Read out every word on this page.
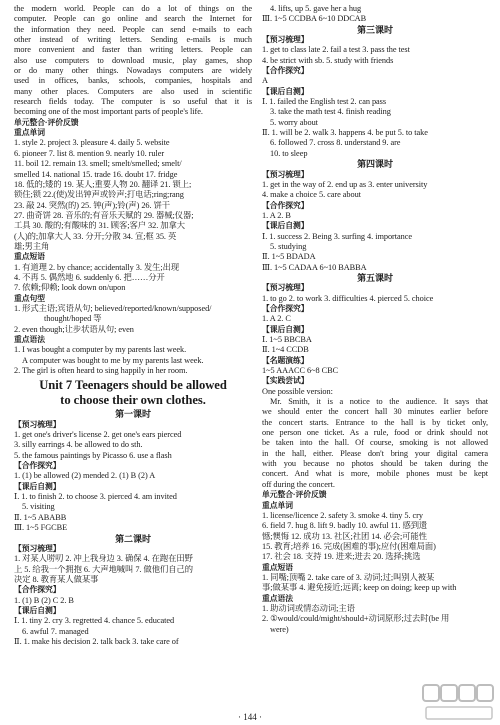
the modern world. People can do a lot of things on the
computer. People can go online and search the Internet for
the information they need. People can send e-mails to each
other instead of writing letters. Sending e-mails is much
more convenient and faster than writing letters. People can
also use computers to download music, play games, shop
or do many other things. Nowadays computers are widely
used in offices, banks, schools, companies, hospitals and
many other places. Computers are also used in scientific
research fields today. The computer is so useful that it is
becoming one of the most important parts of people's life.
单元整合·评价反馈
重点单词
1. style 2. project 3. pleasure 4. daily 5. website
6. pioneer 7. list 8. mention 9. nearly 10. ruler
11. boil 12. remain 13. smell; smelt/smelled; smelt/
smelled 14. national 15. trade 16. doubt 17. fridge
18. 低的;矮的 19. 某人;重要人物 20. 翻译 21. 锁上;
锁住;锁 22.(使)发出钟声或铃声;打电话;ring;rang
23. 敲 24. 突然(的) 25. 钟(声);铃(声) 26. 饼干
27. 曲奇饼 28. 音乐的;有音乐天赋的 29. 器械;仪器;
工具 30. 酸的;有酸味的 31. 顾客;客户 32. 加拿大
(人)的;加拿大人 33. 分开;分散 34. 宣;框 35. 英
雄;男主角
重点短语
1. 有道理 2. by chance; accidentally 3. 发生;出现
4. 不再 5. 偶然地 6. suddenly 6. 把……分开
7. 依赖;仰赖; look down on/upon
重点句型
1. 形式主语;宾语从句; believed/reported/known/supposed/
thought/hoped 等
2. even though;让步状语从句; even
重点语法
1. I was bought a computer by my parents last week.
A computer was bought to me by my parents last week.
2. The girl is often heard to sing happily in her room.
Unit 7 Teenagers should be allowed
to choose their own clothes.
第一课时
【预习梳理】
1. get one's driver's license 2. get one's ears pierced
3. silly earrings 4. be allowed to do sth.
5. the famous paintings by Picasso 6. use a flash
【合作探究】
1. (1) be allowed (2) mended 2. (1) B (2) A
【课后自测】
Ⅰ. 1. to finish 2. to choose 3. pierced 4. am invited
5. visiting
Ⅱ. 1~5 ABABB
Ⅲ. 1~5 FGCBE
第二课时
【预习梳理】
1. 对某人唠叨 2. 冲上我身边 3. 确保 4. 在跑在田野
上 5. 给我一个拥抱 6. 大声地喊叫 7. 做他们自己的
决定 8. 教育某人做某事
【合作探究】
1. (1) B (2) C 2. B
【课后自测】
Ⅰ. 1. tiny 2. cry 3. regretted 4. chance 5. educated
6. awful 7. managed
Ⅱ. 1. make his decision 2. talk back 3. take care of
4. lifts, up 5. gave her a hug
Ⅲ. 1~5 CCDBA 6~10 DDCAB
第三课时
【预习梳理】
1. get to class late 2. fail a test 3. pass the test
4. be strict with sb. 5. study with friends
【合作探究】
A
【课后自测】
Ⅰ. 1. failed the English test 2. can pass
3. take the math test 4. finish reading
5. worry about
Ⅱ. 1. will be 2. walk 3. happens 4. be put 5. to take
6. followed 7. cross 8. understand 9. are
10. to sleep
第四课时
【预习梳理】
1. get in the way of 2. end up as 3. enter university
4. make a choice 5. care about
【合作探究】
1. A 2. B
【课后自测】
Ⅰ. 1. success 2. Being 3. surfing 4. importance
5. studying
Ⅱ. 1~5 BDADA
Ⅲ. 1~5 CADAA 6~10 BABBA
第五课时
【预习梳理】
1. to go 2. to work 3. difficulties 4. pierced 5. choice
【合作探究】
1. A 2. C
【课后自测】
Ⅰ. 1~5 BBCBA
Ⅱ. 1~4 CCDB
【名题演练】
1~5 AAACC 6~8 CBC
【实践尝试】
One possible version:
Mr. Smith, it is a notice to the audience. It says that
we should enter the concert hall 30 minutes earlier before
the concert starts. Entrance to the hall is by ticket only,
one person one ticket. As a rule, food or drink should not
be taken into the hall. Of course, smoking is not allowed
in the hall, either. Please don't bring your digital camera
with you because no photos should be taken during the
concert. And what is more, mobile phones must be kept
off during the concert.
单元整合·评价反馈
重点单词
1. license/licence 2. safety 3. smoke 4. tiny 5. cry
6. field 7. hug 8. lift 9. badly 10. awful 11. 感到遗
憾;懊悔 12. 成功 13. 社区;社团 14. 必会;可能性
15. 教育;培养 16. 完成(困难的事);应付(困难局面)
17. 社会 18. 支持 19. 进来;进去 20. 选择;挑选
重点短语
1. 同嘴;顶嘴 2. take care of 3. 动词;过;叫别人被某
事;做某事 4. 避免接近;远离; keep on doing; keep up with
重点语法
1. 助动词或情态动词;主语
2. ①would/could/might/should+动词原形;过去时(be 用
were)
· 144 ·
